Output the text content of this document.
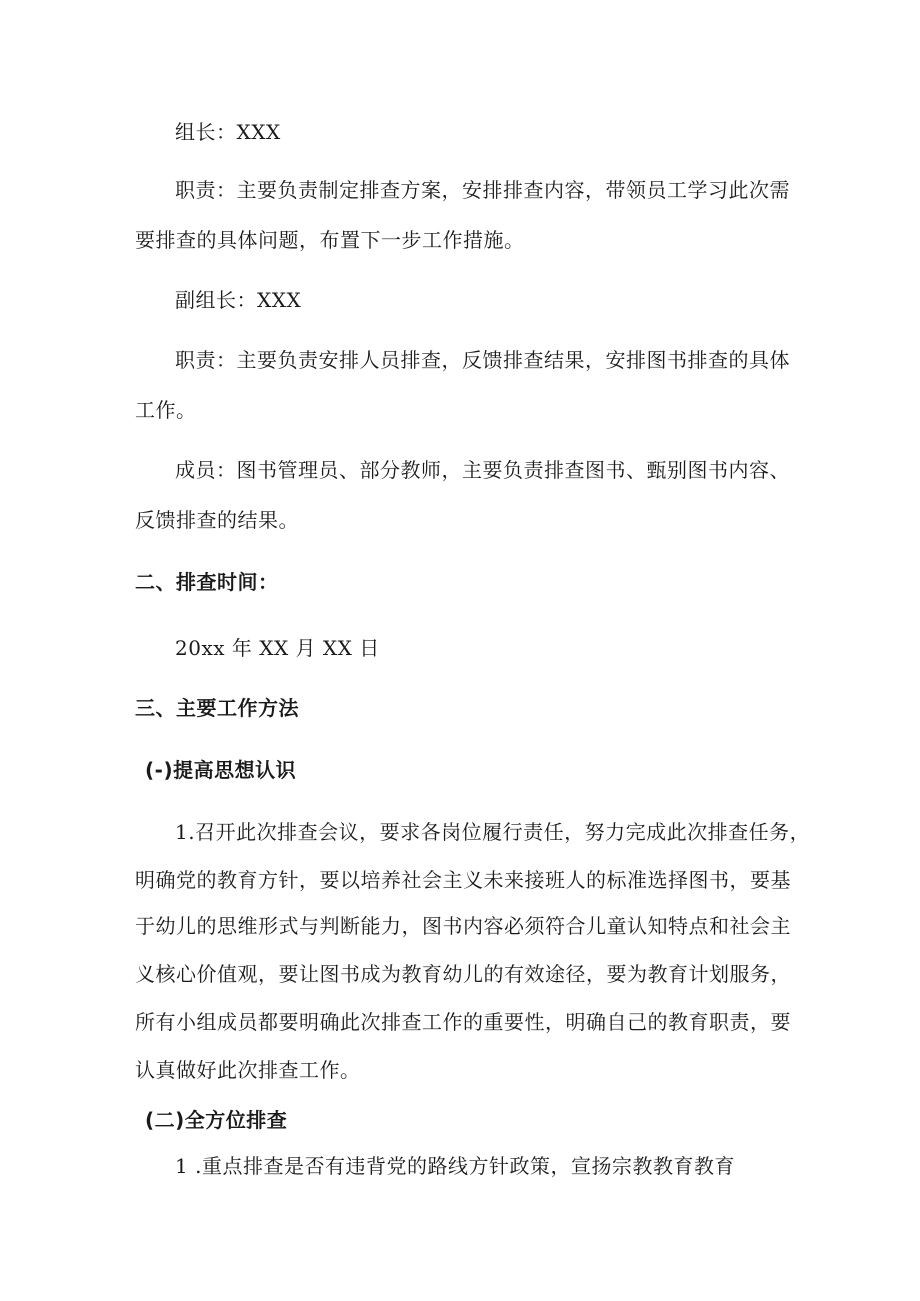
组长：XXX
职责：主要负责制定排查方案，安排排查内容，带领员工学习此次需
要排查的具体问题，布置下一步工作措施。
副组长：XXX
职责：主要负责安排人员排查，反馈排查结果，安排图书排查的具体
工作。
成员：图书管理员、部分教师，主要负责排查图书、甄别图书内容、
反馈排查的结果。
二、排查时间：
20xx 年 XX 月 XX 日
三、主要工作方法
(-)提高思想认识
1.召开此次排查会议，要求各岗位履行责任，努力完成此次排查任务，
明确党的教育方针，要以培养社会主义未来接班人的标准选择图书，要基
于幼儿的思维形式与判断能力，图书内容必须符合儿童认知特点和社会主
义核心价值观，要让图书成为教育幼儿的有效途径，要为教育计划服务，
所有小组成员都要明确此次排查工作的重要性，明确自己的教育职责，要
认真做好此次排查工作。
(二)全方位排查
1 .重点排查是否有违背党的路线方针政策，宣扬宗教教育教育
